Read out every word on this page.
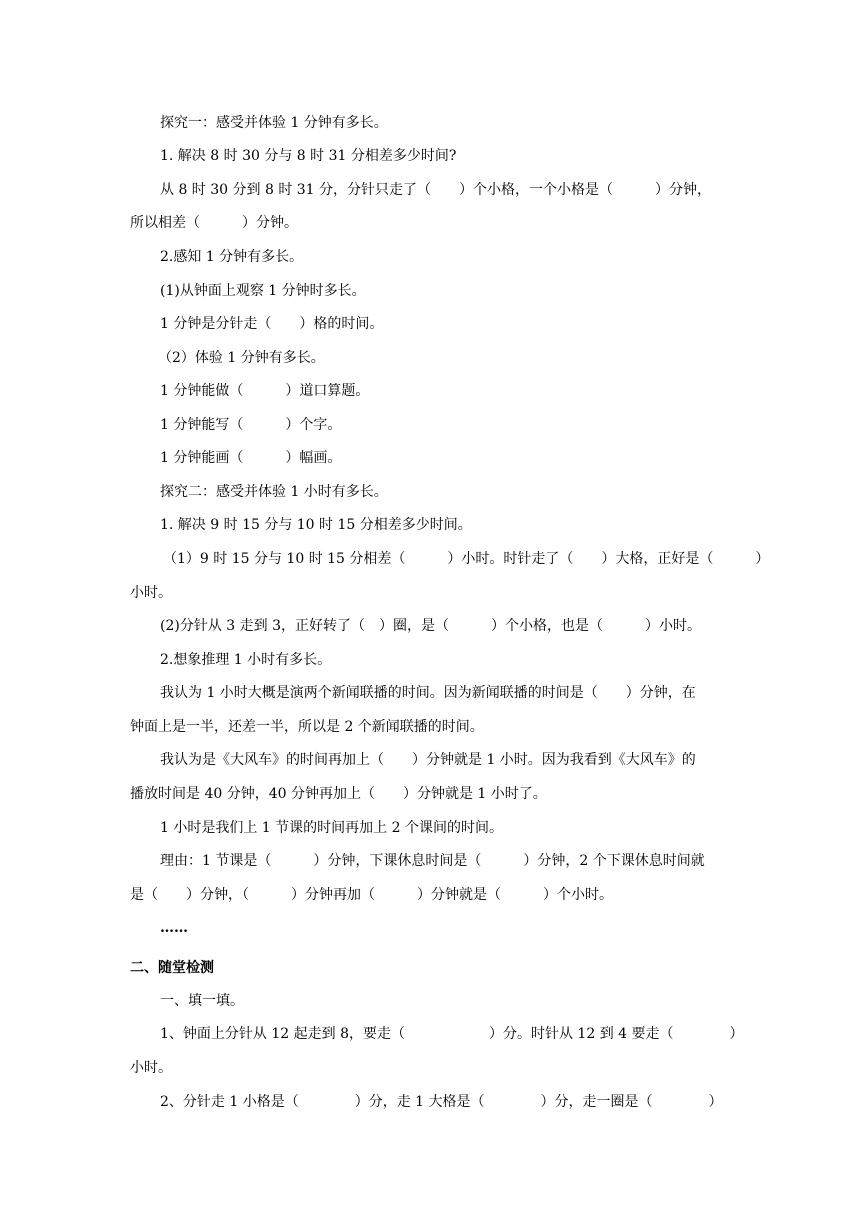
探究一：感受并体验 1 分钟有多长。
1. 解决 8 时 30 分与 8 时 31 分相差多少时间?
从 8 时 30 分到 8 时 31 分，分针只走了（　　）个小格，一个小格是（　　　）分钟，
所以相差（　　　）分钟。
2.感知 1 分钟有多长。
(1)从钟面上观察 1 分钟时多长。
1 分钟是分针走（　　）格的时间。
（2）体验 1 分钟有多长。
1 分钟能做（　　　）道口算题。
1 分钟能写（　　　）个字。
1 分钟能画（　　　）幅画。
探究二：感受并体验 1 小时有多长。
1. 解决 9 时 15 分与 10 时 15 分相差多少时间。
（1）9 时 15 分与 10 时 15 分相差（　　　）小时。时针走了（　　）大格，正好是（　　　）
小时。
(2)分针从 3 走到 3，正好转了（　）圈，是（　　　）个小格，也是（　　　）小时。
2.想象推理 1 小时有多长。
我认为 1 小时大概是演两个新闻联播的时间。因为新闻联播的时间是（　　）分钟，在
钟面上是一半，还差一半，所以是 2 个新闻联播的时间。
我认为是《大风车》的时间再加上（　　）分钟就是 1 小时。因为我看到《大风车》的
播放时间是 40 分钟，40 分钟再加上（　　）分钟就是 1 小时了。
1 小时是我们上 1 节课的时间再加上 2 个课间的时间。
理由：1 节课是（　　　）分钟，下课休息时间是（　　　）分钟，2 个下课休息时间就
是（　　）分钟，（　　　）分钟再加（　　　）分钟就是（　　　）个小时。
……
二、随堂检测
一、填一填。
1、钟面上分针从 12 起走到 8，要走（　　　　　　）分。时针从 12 到 4 要走（　　　　）
小时。
2、分针走 1 小格是（　　　　）分，走 1 大格是（　　　　）分，走一圈是（　　　　）
